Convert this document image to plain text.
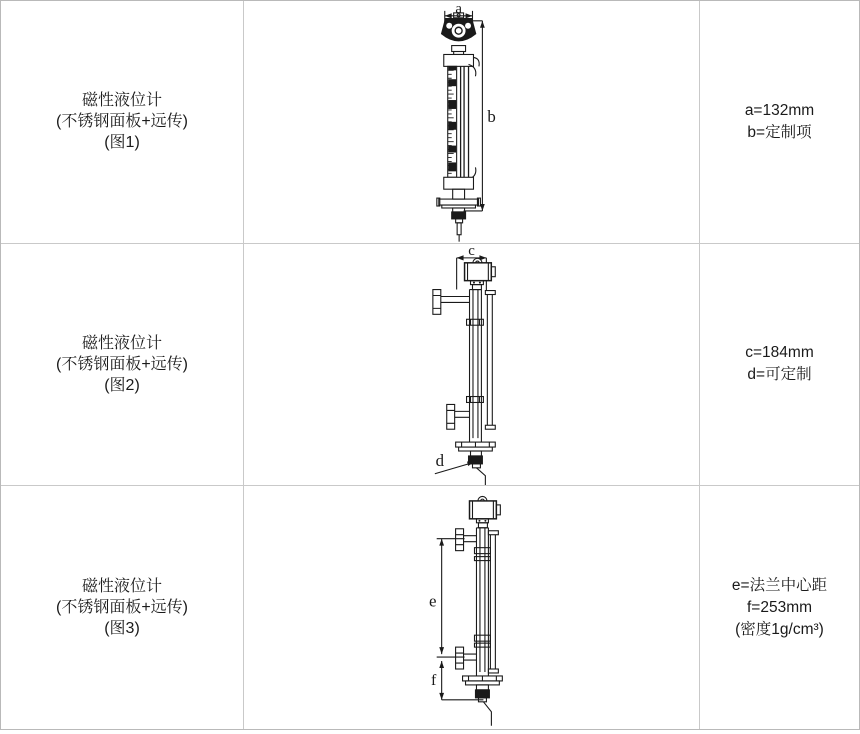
磁性液位计
(不锈钢面板+远传)
(图1)
a
b	a=132mm
b=定制项
磁性液位计
(不锈钢面板+远传)
(图2)
c
d
c=184mm
d=可定制
磁性液位计
(不锈钢面板+远传)
(图3)
e
f
e=法兰中心距
f=253mm
(密度1g/cm³)
